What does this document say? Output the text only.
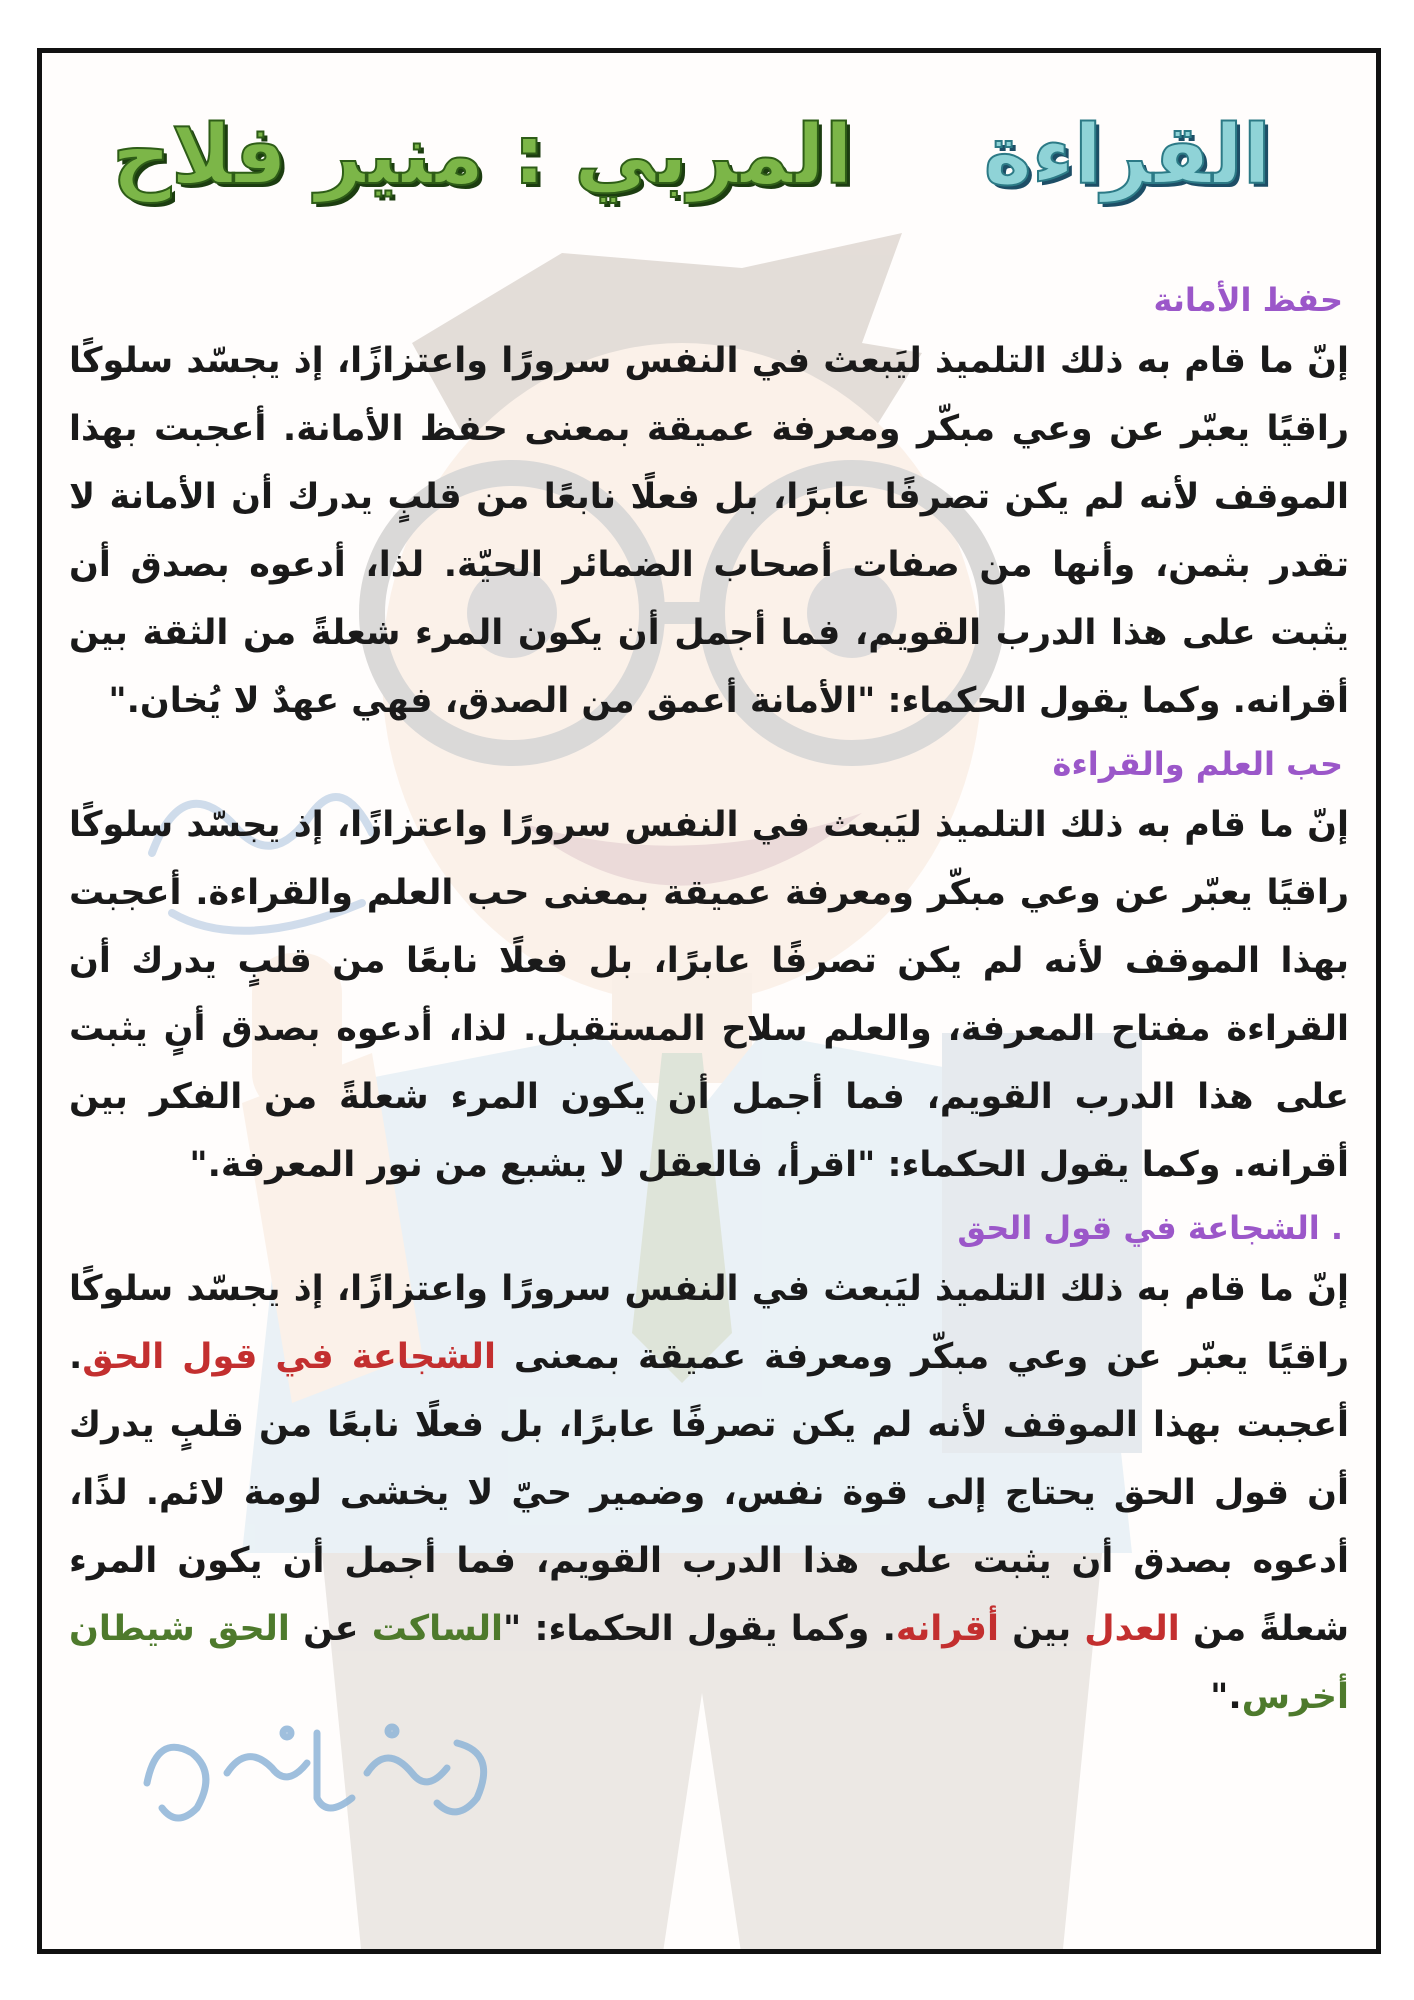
القراءة
المربي : منير فلاح
حفظ الأمانة

إنّ ما قام به ذلك التلميذ ليَبعث في النفس سرورًا واعتزازًا، إذ يجسّد سلوكًا راقيًا يعبّر عن وعي مبكّر ومعرفة عميقة بمعنى حفظ الأمانة. أعجبت بهذا الموقف لأنه لم يكن تصرفًا عابرًا، بل فعلًا نابعًا من قلبٍ يدرك أن الأمانة لا تقدر بثمن، وأنها من صفات أصحاب الضمائر الحيّة. لذا، أدعوه بصدق أن يثبت على هذا الدرب القويم، فما أجمل أن يكون المرء شعلةً من الثقة بين أقرانه. وكما يقول الحكماء: "الأمانة أعمق من الصدق، فهي عهدٌ لا يُخان."

حب العلم والقراءة

إنّ ما قام به ذلك التلميذ ليَبعث في النفس سرورًا واعتزازًا، إذ يجسّد سلوكًا راقيًا يعبّر عن وعي مبكّر ومعرفة عميقة بمعنى حب العلم والقراءة. أعجبت بهذا الموقف لأنه لم يكن تصرفًا عابرًا، بل فعلًا نابعًا من قلبٍ يدرك أن القراءة مفتاح المعرفة، والعلم سلاح المستقبل. لذا، أدعوه بصدق أنٍ يثبت على هذا الدرب القويم، فما أجمل أن يكون المرء شعلةً من الفكر بين أقرانه. وكما يقول الحكماء: "اقرأ، فالعقل لا يشبع من نور المعرفة."

. الشجاعة في قول الحق

إنّ ما قام به ذلك التلميذ ليَبعث في النفس سرورًا واعتزازًا، إذ يجسّد سلوكًا راقيًا يعبّر عن وعي مبكّر ومعرفة عميقة بمعنى الشجاعة في قول الحق. أعجبت بهذا الموقف لأنه لم يكن تصرفًا عابرًا، بل فعلًا نابعًا من قلبٍ يدرك أن قول الحق يحتاج إلى قوة نفس، وضمير حيّ لا يخشى لومة لائم. لذًا، أدعوه بصدق أن يثبت على هذا الدرب القويم، فما أجمل أن يكون المرء شعلةً من العدل بين أقرانه. وكما يقول الحكماء: "الساكت عن الحق شيطان أخرس."
